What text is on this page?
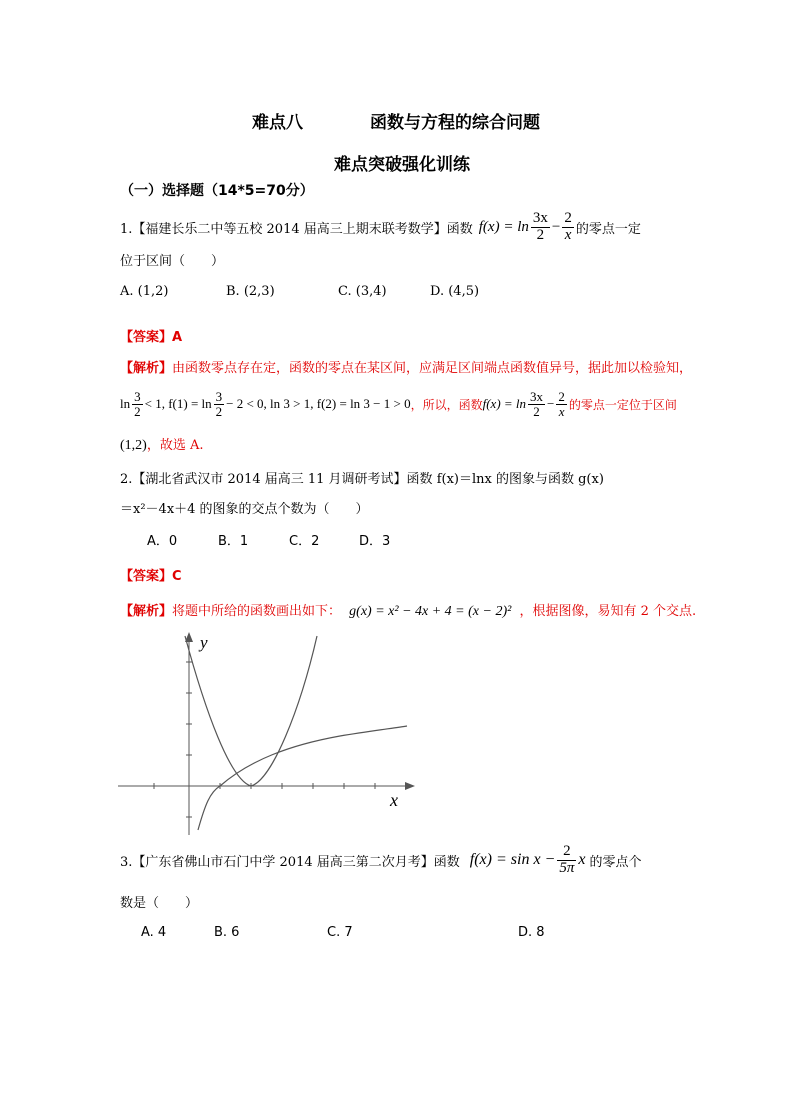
难点八	函数与方程的综合问题
难点突破强化训练
（一）选择题（14*5=70分）
1.【福建长乐二中等五校 2014 届高三上期末联考数学】函数 $f(x) = \ln \frac{3x}{2} - \frac{2}{x}$ 的零点一定
位于区间（　　）
A. (1,2)	B. (2,3)	C. (3,4)	D. (4,5)
【答案】A
【解析】由函数零点存在定，函数的零点在某区间，应满足区间端点函数值异号，据此加以检验知，
$\ln \frac{3}{2} < 1$, $f(1) = \ln \frac{3}{2} - 2 < 0$, ln 3 > 1, f(2) = ln 3 − 1 > 0 ，所以，函数 $f(x) = \ln \frac{3x}{2} - \frac{2}{x}$ 的零点一定位于区间
(1,2)，故选 A.
2.【湖北省武汉市 2014 届高三 11 月调研考试】函数 f(x)＝lnx 的图象与函数 g(x)
＝x²－4x＋4 的图象的交点个数为（　　）
A．0	B．1	C．2	D．3
【答案】C
【解析】将题中所给的函数画出如下： g(x) = x² − 4x + 4 = (x − 2)² ，根据图像，易知有 2 个交点.
y
x
3.【广东省佛山市石门中学 2014 届高三第二次月考】函数 $f(x) = \sin x - \frac{2}{5\pi}$ x 的零点个
数是（　　）
A. 4	B. 6	C. 7	D. 8
